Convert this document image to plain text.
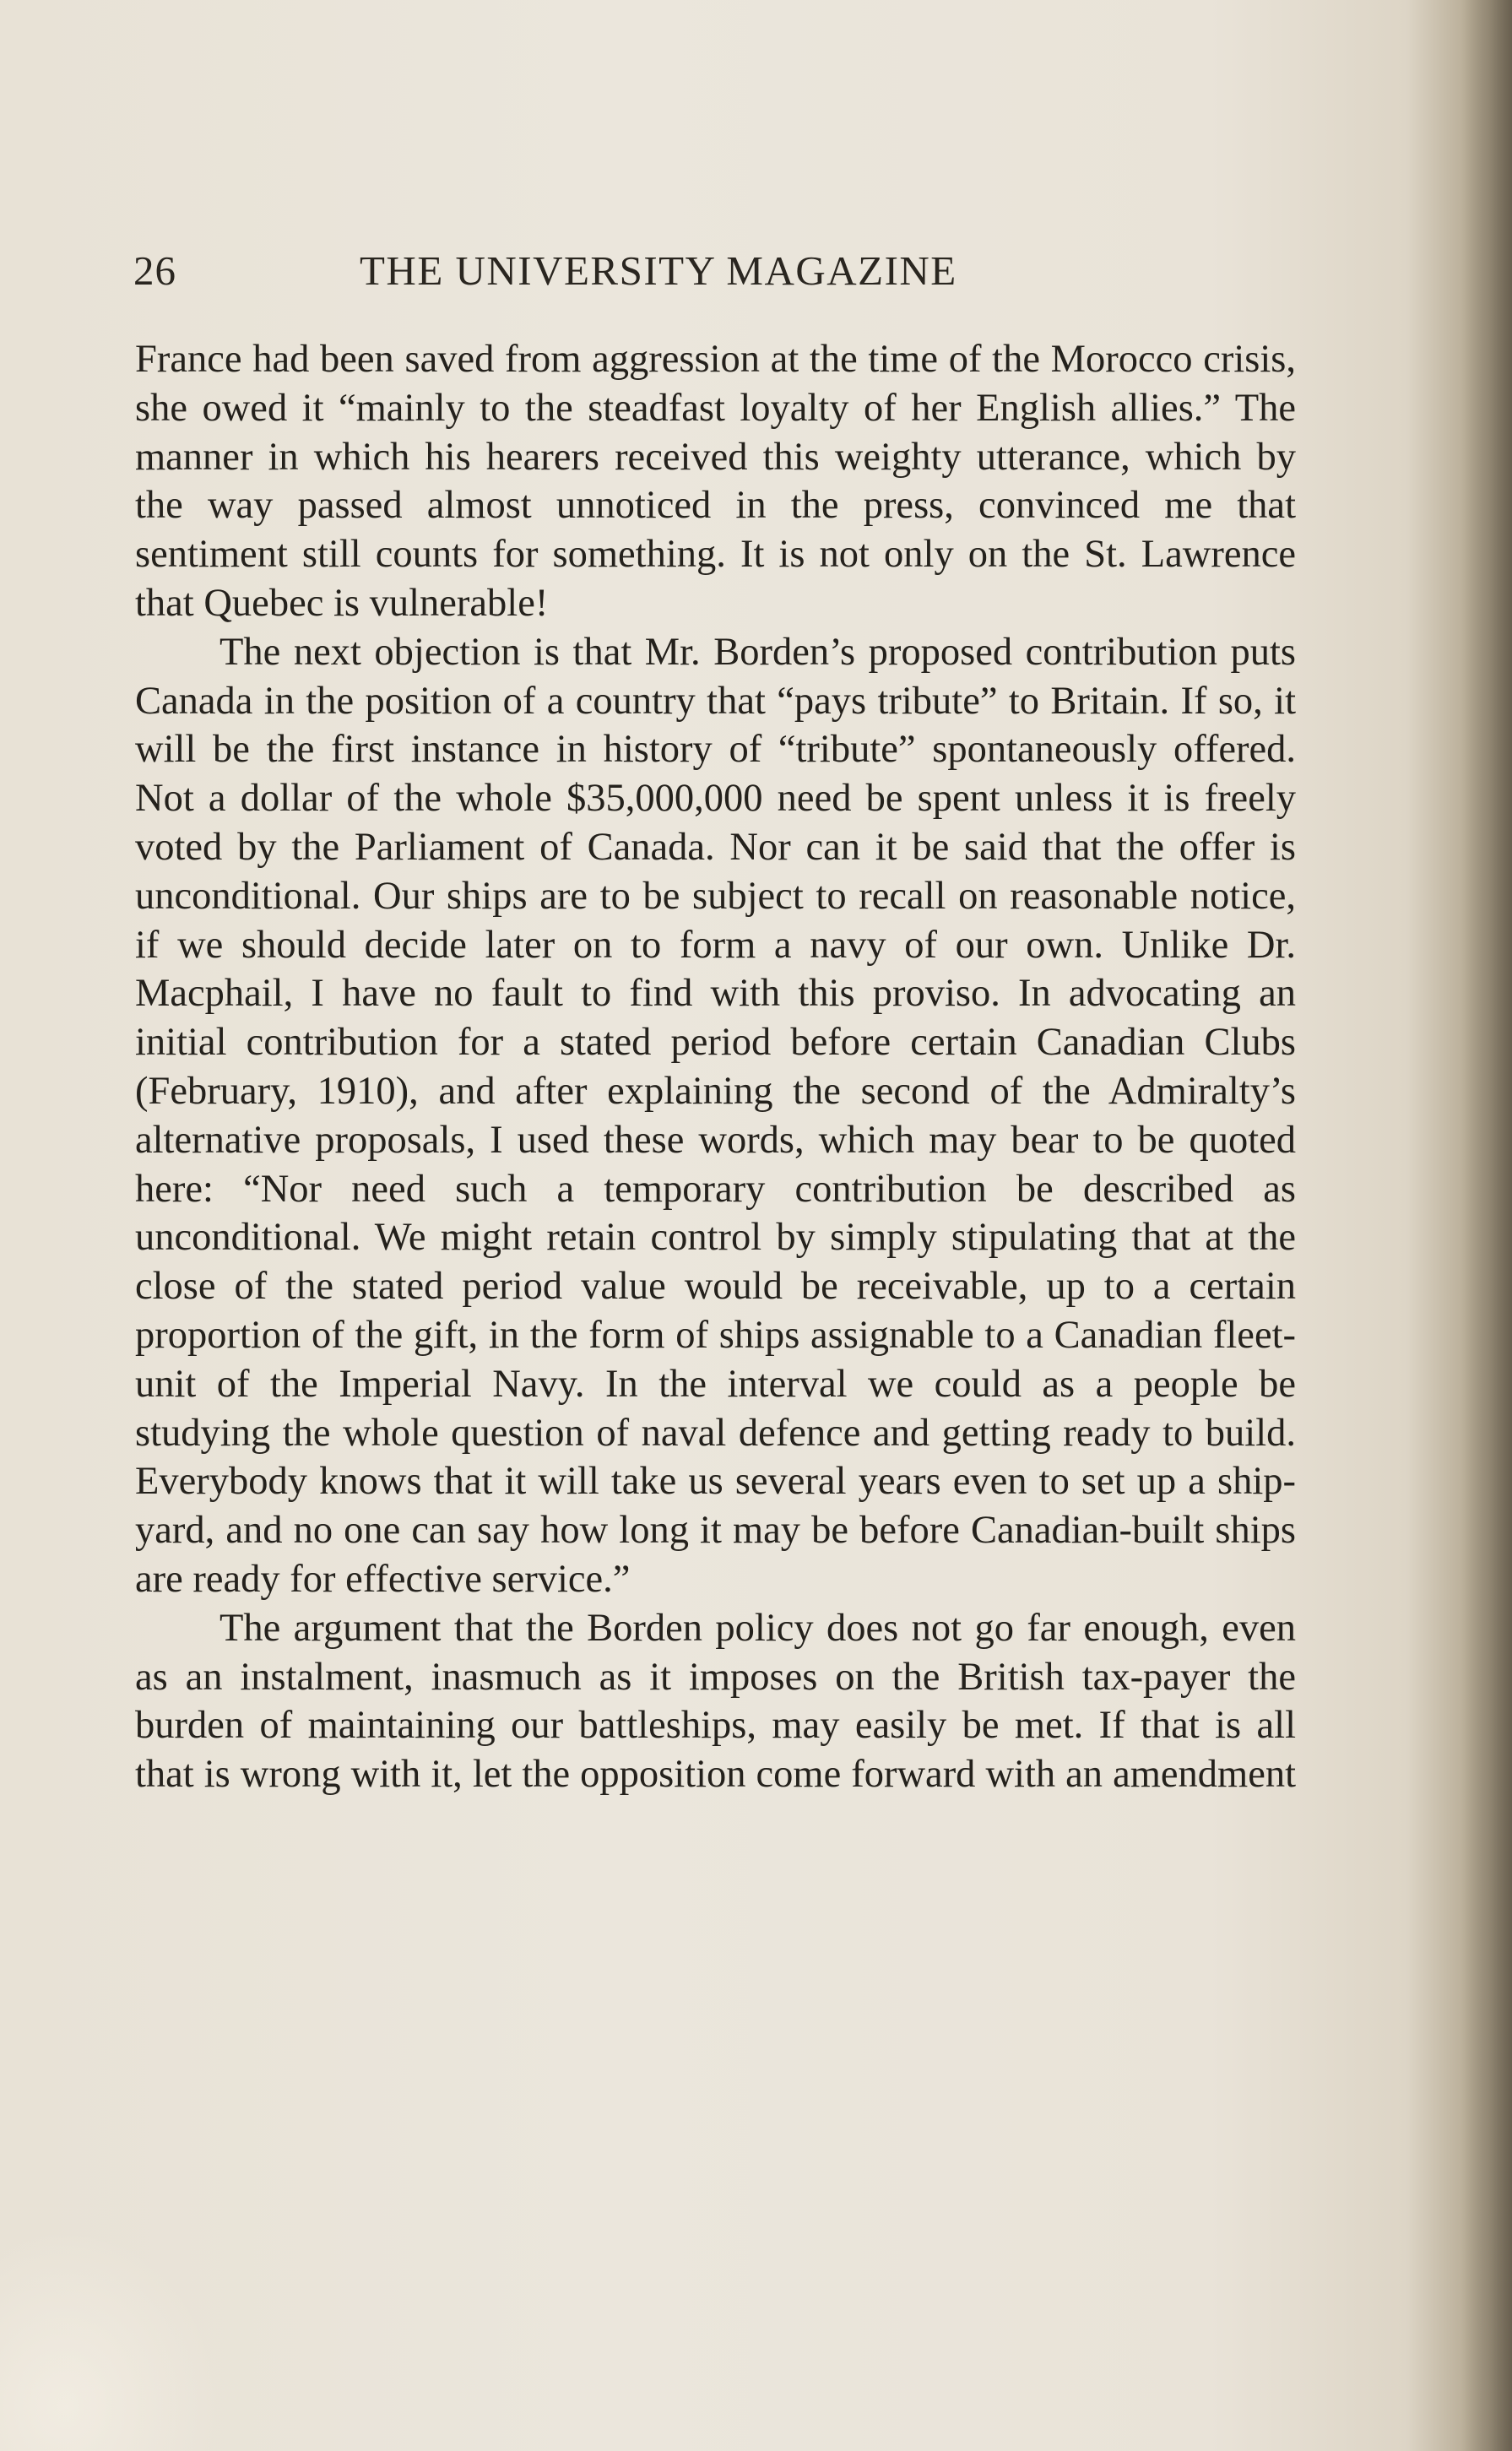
26	THE UNIVERSITY MAGAZINE

France had been saved from aggression at the time of the Morocco crisis, she owed it “mainly to the steadfast loyalty of her English allies.” The manner in which his hearers received this weighty utterance, which by the way passed almost unnoticed in the press, convinced me that sentiment still counts for something. It is not only on the St. Lawrence that Quebec is vulnerable!

The next objection is that Mr. Borden’s proposed contribution puts Canada in the position of a country that “pays tribute” to Britain. If so, it will be the first instance in history of “tribute” spontaneously offered. Not a dollar of the whole $35,000,000 need be spent unless it is freely voted by the Parliament of Canada. Nor can it be said that the offer is unconditional. Our ships are to be subject to recall on reasonable notice, if we should decide later on to form a navy of our own. Unlike Dr. Macphail, I have no fault to find with this proviso. In advocating an initial contribution for a stated period before certain Canadian Clubs (February, 1910), and after explaining the second of the Admiralty’s alternative proposals, I used these words, which may bear to be quoted here: “Nor need such a temporary contribution be described as unconditional. We might retain control by simply stipulating that at the close of the stated period value would be receivable, up to a certain proportion of the gift, in the form of ships assignable to a Canadian fleet-unit of the Imperial Navy. In the interval we could as a people be studying the whole question of naval defence and getting ready to build. Everybody knows that it will take us several years even to set up a ship-yard, and no one can say how long it may be before Canadian-built ships are ready for effective service.”

The argument that the Borden policy does not go far enough, even as an instalment, inasmuch as it imposes on the British tax-payer the burden of maintaining our battleships, may easily be met. If that is all that is wrong with it, let the opposition come forward with an amendment
